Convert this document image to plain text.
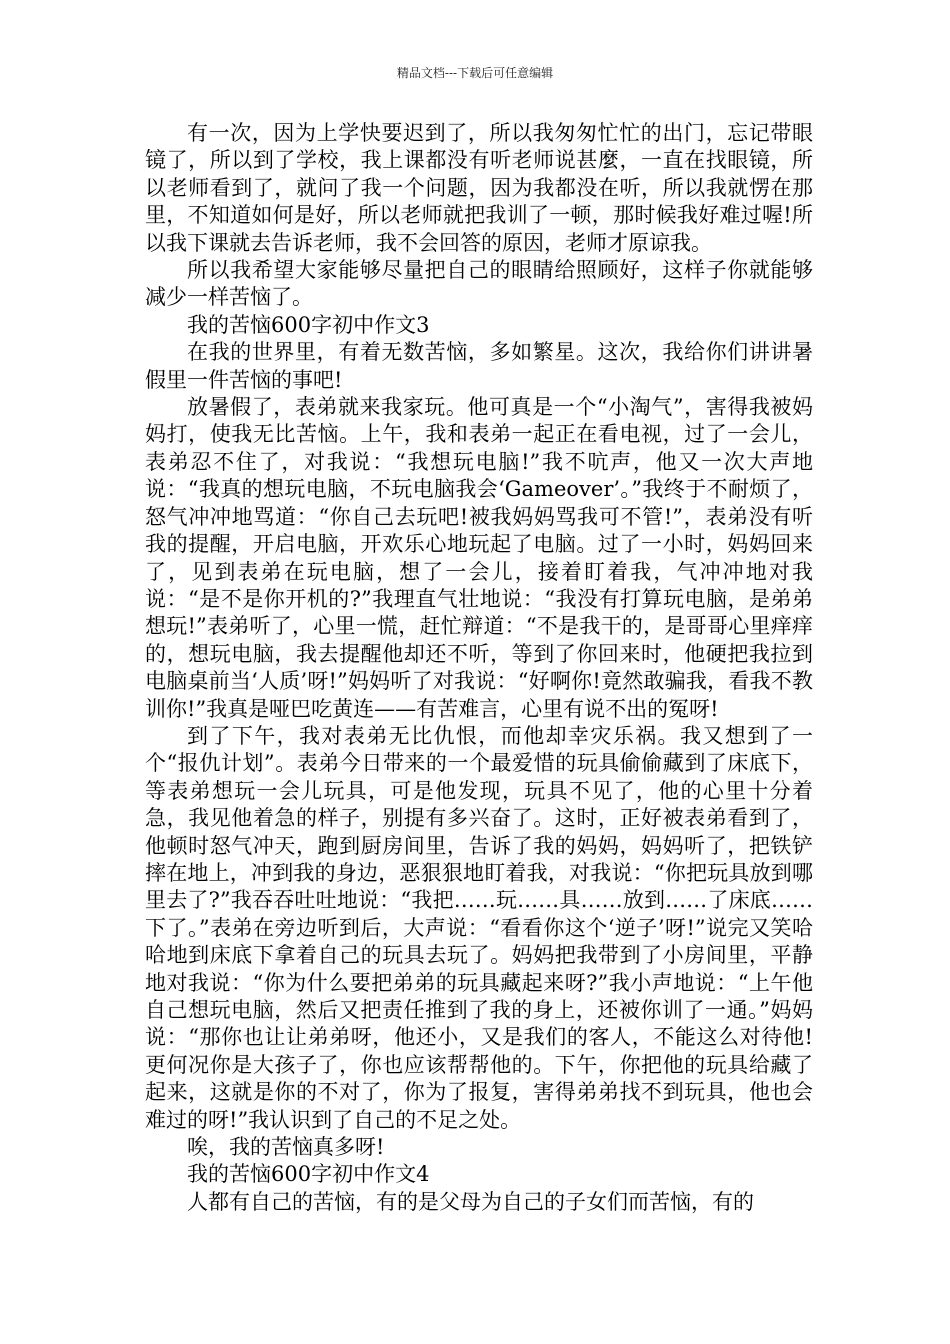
精品文档---下载后可任意编辑

有一次，因为上学快要迟到了，所以我匆匆忙忙的出门，忘记带眼镜了，所以到了学校，我上课都没有听老师说甚麼，一直在找眼镜，所以老师看到了，就问了我一个问题，因为我都没在听，所以我就愣在那里，不知道如何是好，所以老师就把我训了一顿，那时候我好难过喔!所以我下课就去告诉老师，我不会回答的原因，老师才原谅我。

所以我希望大家能够尽量把自己的眼睛给照顾好，这样子你就能够减少一样苦恼了。

我的苦恼600字初中作文3

在我的世界里，有着无数苦恼，多如繁星。这次，我给你们讲讲暑假里一件苦恼的事吧!

放暑假了，表弟就来我家玩。他可真是一个“小淘气”，害得我被妈妈打，使我无比苦恼。上午，我和表弟一起正在看电视，过了一会儿，表弟忍不住了，对我说：“我想玩电脑!”我不吭声，他又一次大声地说：“我真的想玩电脑，不玩电脑我会‘Gameover’。”我终于不耐烦了，怒气冲冲地骂道：“你自己去玩吧!被我妈妈骂我可不管!”，表弟没有听我的提醒，开启电脑，开欢乐心地玩起了电脑。过了一小时，妈妈回来了，见到表弟在玩电脑，想了一会儿，接着盯着我，气冲冲地对我说：“是不是你开机的?”我理直气壮地说：“我没有打算玩电脑，是弟弟想玩!”表弟听了，心里一慌，赶忙辩道：“不是我干的，是哥哥心里痒痒的，想玩电脑，我去提醒他却还不听，等到了你回来时，他硬把我拉到电脑桌前当‘人质’呀!”妈妈听了对我说：“好啊你!竟然敢骗我，看我不教训你!”我真是哑巴吃黄连——有苦难言，心里有说不出的冤呀!

到了下午，我对表弟无比仇恨，而他却幸灾乐祸。我又想到了一个“报仇计划”。表弟今日带来的一个最爱惜的玩具偷偷藏到了床底下，等表弟想玩一会儿玩具，可是他发现，玩具不见了，他的心里十分着急，我见他着急的样子，别提有多兴奋了。这时，正好被表弟看到了，他顿时怒气冲天，跑到厨房间里，告诉了我的妈妈，妈妈听了，把铁铲摔在地上，冲到我的身边，恶狠狠地盯着我，对我说：“你把玩具放到哪里去了?”我吞吞吐吐地说：“我把……玩……具……放到……了床底……下了。”表弟在旁边听到后，大声说：“看看你这个‘逆子’呀!”说完又笑哈哈地到床底下拿着自己的玩具去玩了。妈妈把我带到了小房间里，平静地对我说：“你为什么要把弟弟的玩具藏起来呀?”我小声地说：“上午他自己想玩电脑，然后又把责任推到了我的身上，还被你训了一通。”妈妈说：“那你也让让弟弟呀，他还小，又是我们的客人，不能这么对待他!更何况你是大孩子了，你也应该帮帮他的。下午，你把他的玩具给藏了起来，这就是你的不对了，你为了报复，害得弟弟找不到玩具，他也会难过的呀!”我认识到了自己的不足之处。

唉，我的苦恼真多呀!

我的苦恼600字初中作文4

人都有自己的苦恼，有的是父母为自己的子女们而苦恼，有的
